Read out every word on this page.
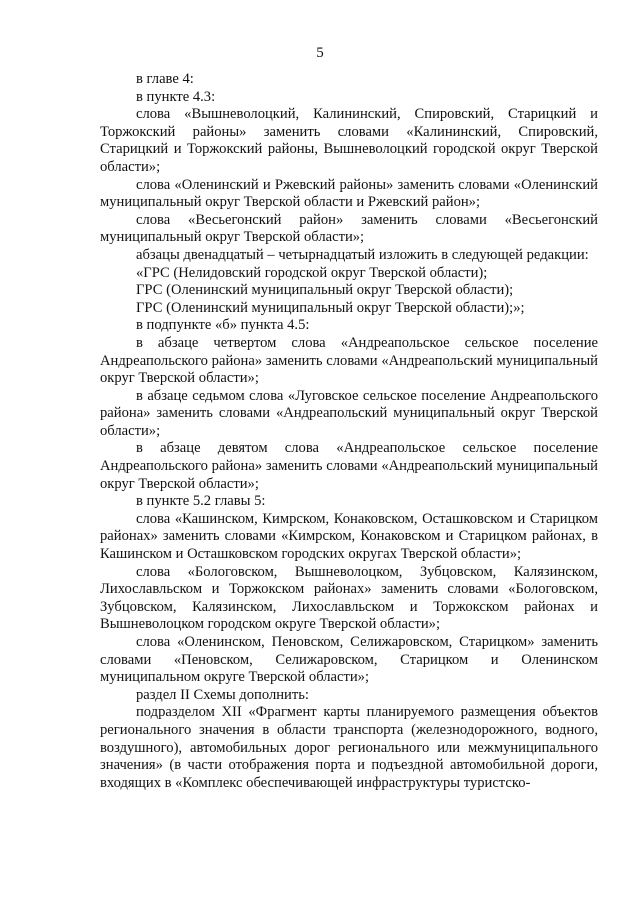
5

в главе 4:

в пункте 4.3:

слова «Вышневолоцкий, Калининский, Спировский, Старицкий и Торжокский районы» заменить словами «Калининский, Спировский, Старицкий и Торжокский районы, Вышневолоцкий городской округ Тверской области»;

слова «Оленинский и Ржевский районы» заменить словами «Оленинский муниципальный округ Тверской области и Ржевский район»;

слова «Весьегонский район» заменить словами «Весьегонский муниципальный округ Тверской области»;

абзацы двенадцатый – четырнадцатый изложить в следующей редакции:

«ГРС (Нелидовский городской округ Тверской области);

ГРС (Оленинский муниципальный округ Тверской области);

ГРС (Оленинский муниципальный округ Тверской области);»;

в подпункте «б» пункта 4.5:

в абзаце четвертом слова «Андреапольское сельское поселение Андреапольского района» заменить словами «Андреапольский муниципальный округ Тверской области»;

в абзаце седьмом слова «Луговское сельское поселение Андреапольского района» заменить словами «Андреапольский муниципальный округ Тверской области»;

в абзаце девятом слова «Андреапольское сельское поселение Андреапольского района» заменить словами «Андреапольский муниципальный округ Тверской области»;

в пункте 5.2 главы 5:

слова «Кашинском, Кимрском, Конаковском, Осташковском и Старицком районах» заменить словами «Кимрском, Конаковском и Старицком районах, в Кашинском и Осташковском городских округах Тверской области»;

слова «Бологовском, Вышневолоцком, Зубцовском, Калязинском, Лихославльском и Торжокском районах» заменить словами «Бологовском, Зубцовском, Калязинском, Лихославльском и Торжокском районах и Вышневолоцком городском округе Тверской области»;

слова «Оленинском, Пеновском, Селижаровском, Старицком» заменить словами «Пеновском, Селижаровском, Старицком и Оленинском муниципальном округе Тверской области»;

раздел II Схемы дополнить:

подразделом XII «Фрагмент карты планируемого размещения объектов регионального значения в области транспорта (железнодорожного, водного, воздушного), автомобильных дорог регионального или межмуниципального значения» (в части отображения порта и подъездной автомобильной дороги, входящих в «Комплекс обеспечивающей инфраструктуры туристско-
